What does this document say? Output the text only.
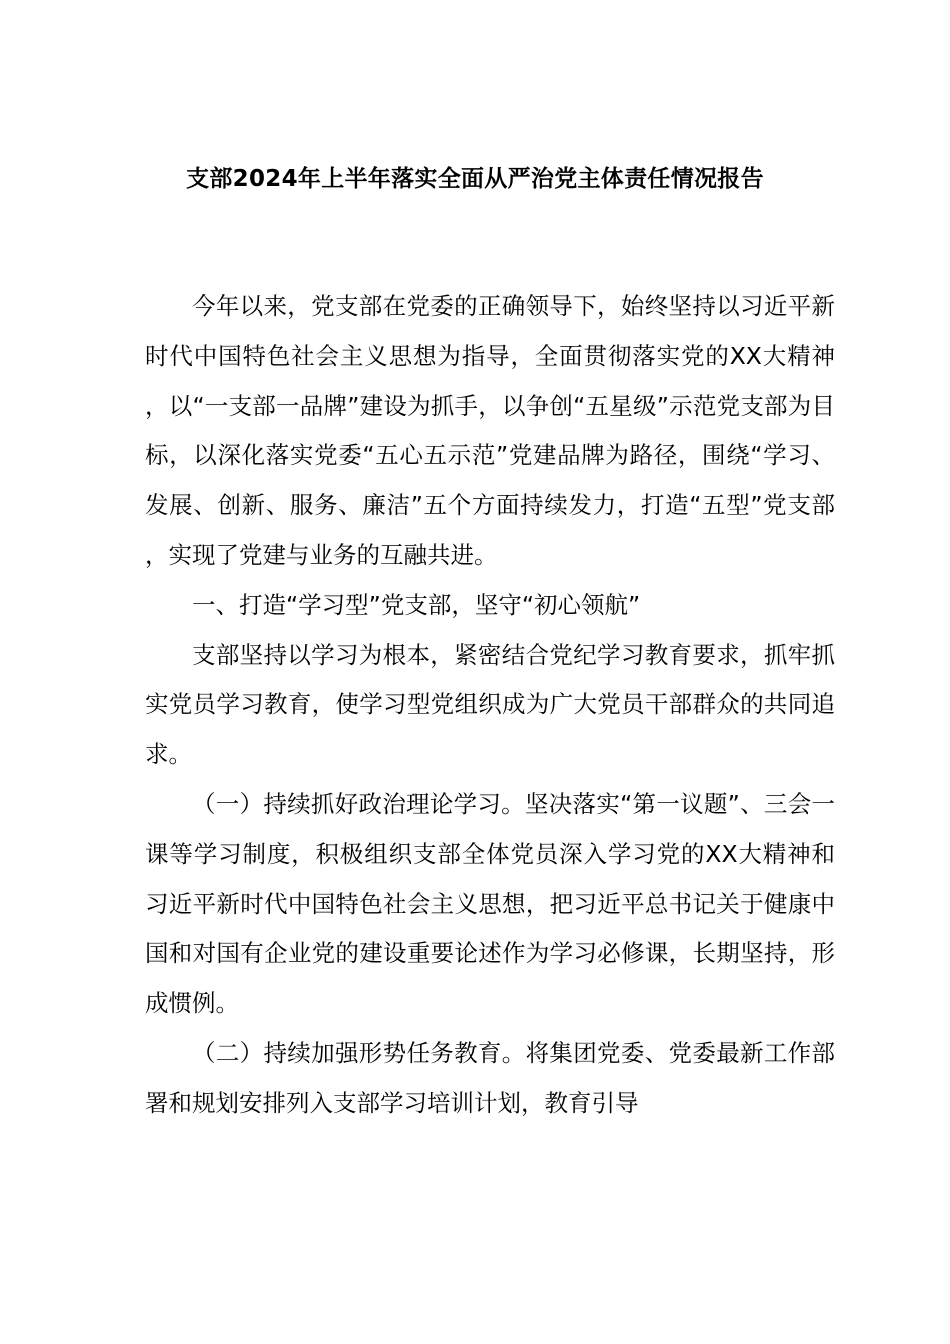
支部2024年上半年落实全面从严治党主体责任情况报告

今年以来，党支部在党委的正确领导下，始终坚持以习近平新时代中国特色社会主义思想为指导，全面贯彻落实党的XX大精神，以“一支部一品牌”建设为抓手，以争创“五星级”示范党支部为目标，以深化落实党委“五心五示范”党建品牌为路径，围绕“学习、发展、创新、服务、廉洁”五个方面持续发力，打造“五型”党支部，实现了党建与业务的互融共进。

一、打造“学习型”党支部，坚守“初心领航”

支部坚持以学习为根本，紧密结合党纪学习教育要求，抓牢抓实党员学习教育，使学习型党组织成为广大党员干部群众的共同追求。

（一）持续抓好政治理论学习。坚决落实“第一议题”、三会一课等学习制度，积极组织支部全体党员深入学习党的XX大精神和习近平新时代中国特色社会主义思想，把习近平总书记关于健康中国和对国有企业党的建设重要论述作为学习必修课，长期坚持，形成惯例。

（二）持续加强形势任务教育。将集团党委、党委最新工作部署和规划安排列入支部学习培训计划，教育引导
